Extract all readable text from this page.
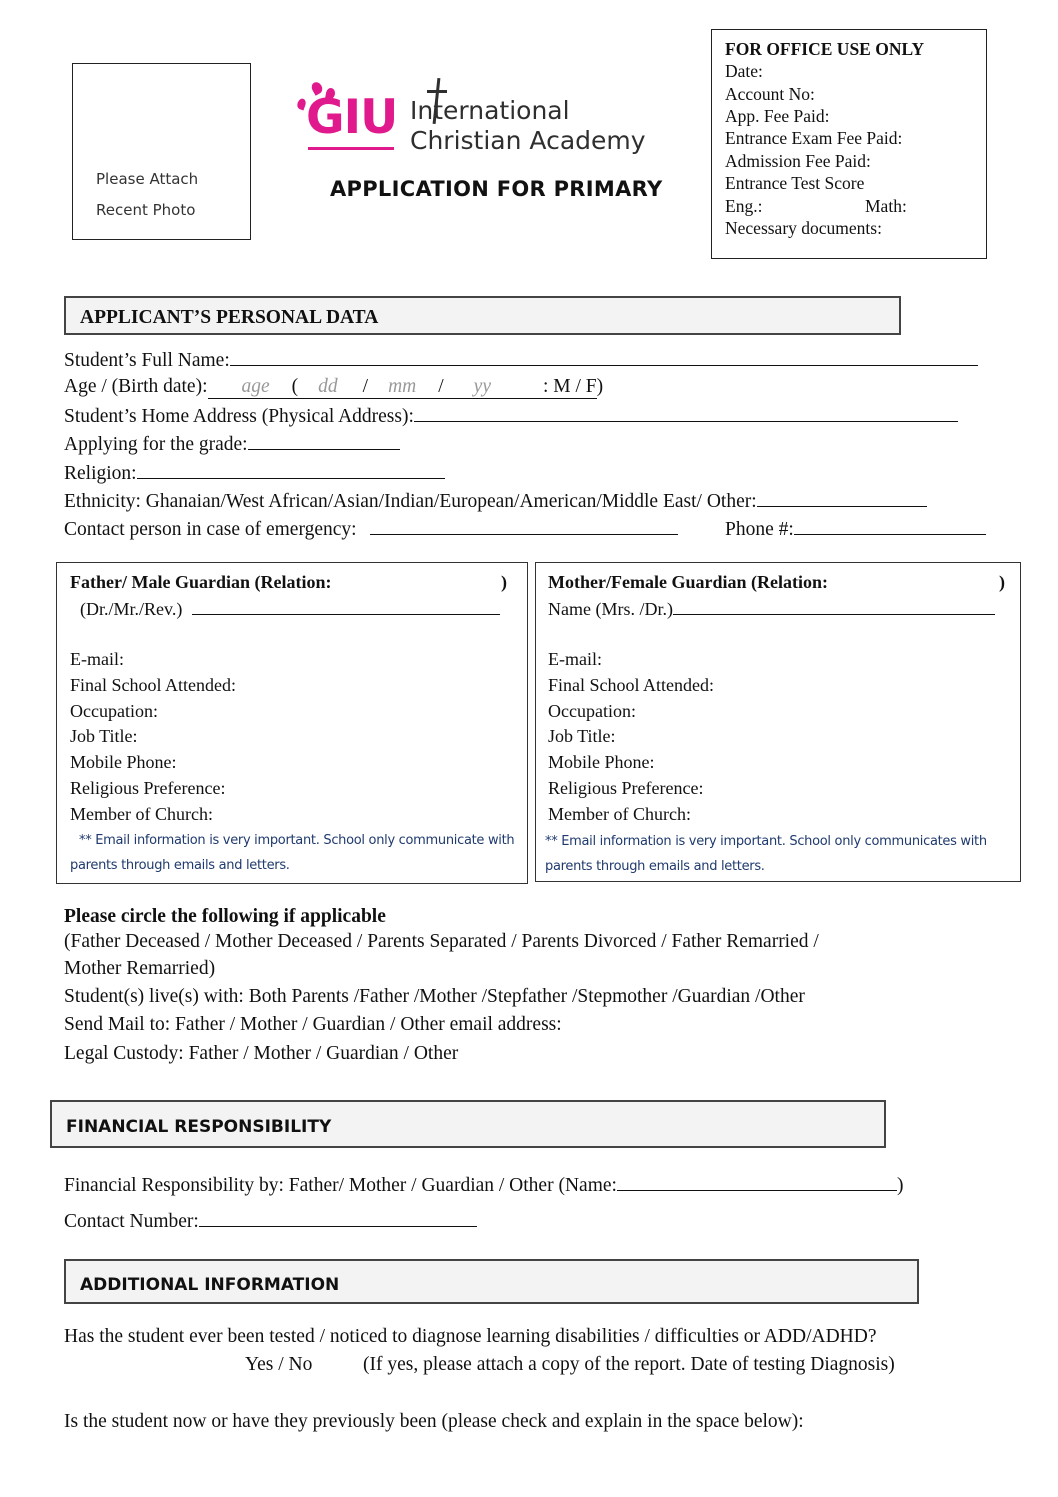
Please Attach
Recent Photo
GIU International
Christian Academy
APPLICATION FOR PRIMARY
FOR OFFICE USE ONLY
Date:
Account No:
App. Fee Paid:
Entrance Exam Fee Paid:
Admission Fee Paid:
Entrance Test Score
Eng.:	Math:
Necessary documents:
APPLICANT’S PERSONAL DATA
Student’s Full Name:
Age / (Birth date): age ( dd / mm / yy	: M / F)
Student’s Home Address (Physical Address):
Applying for the grade:
Religion:
Ethnicity: Ghanaian/West African/Asian/Indian/European/American/Middle East/ Other:
Contact person in case of emergency:	Phone #:
Father/ Male Guardian (Relation:	)
(Dr./Mr./Rev.)
E-mail:
Final School Attended:
Occupation:
Job Title:
Mobile Phone:
Religious Preference:
Member of Church:
** Email information is very important. School only communicate with
parents through emails and letters.
Mother/Female Guardian (Relation:	)
Name (Mrs. /Dr.)
E-mail:
Final School Attended:
Occupation:
Job Title:
Mobile Phone:
Religious Preference:
Member of Church:
** Email information is very important. School only communicates with
parents through emails and letters.
Please circle the following if applicable
(Father Deceased / Mother Deceased / Parents Separated / Parents Divorced / Father Remarried /
Mother Remarried)
Student(s) live(s) with: Both Parents /Father /Mother /Stepfather /Stepmother /Guardian /Other
Send Mail to: Father / Mother / Guardian / Other email address:
Legal Custody: Father / Mother / Guardian / Other
FINANCIAL RESPONSIBILITY
Financial Responsibility by: Father/ Mother / Guardian / Other (Name:	)
Contact Number:
ADDITIONAL INFORMATION
Has the student ever been tested / noticed to diagnose learning disabilities / difficulties or ADD/ADHD?
Yes / No	(If yes, please attach a copy of the report. Date of testing Diagnosis)
Is the student now or have they previously been (please check and explain in the space below):
